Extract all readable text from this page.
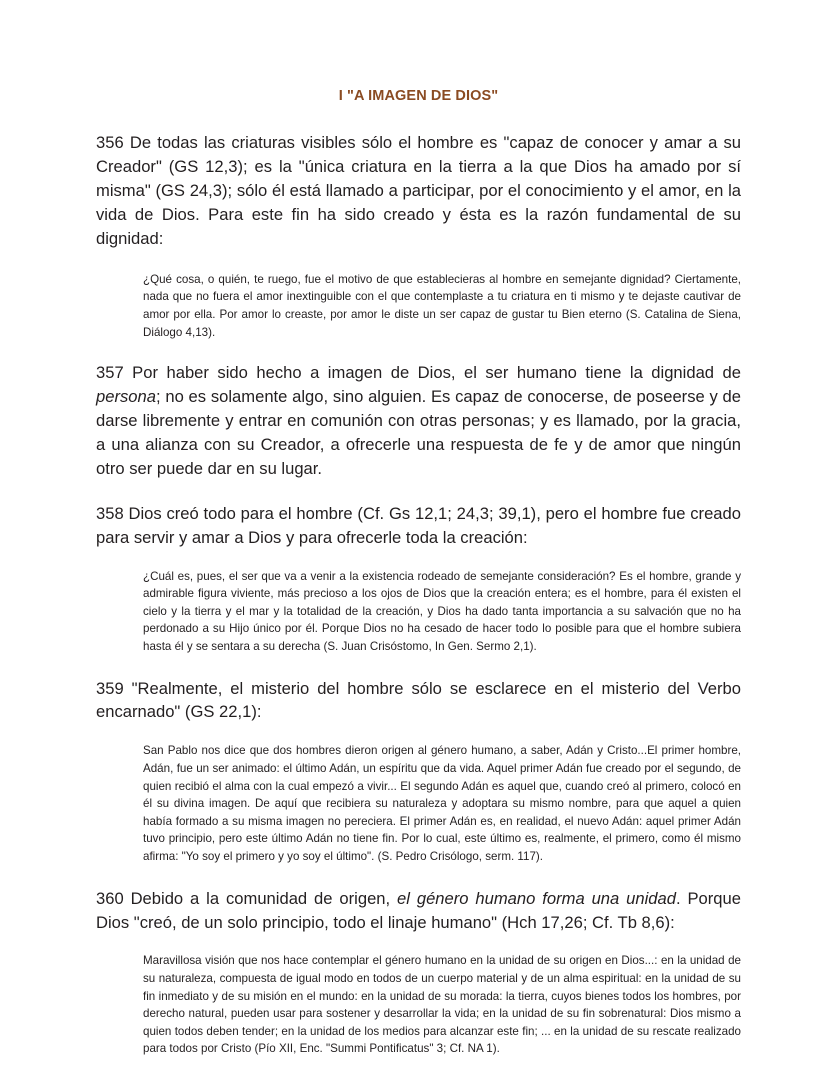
I "A IMAGEN DE DIOS"

356 De todas las criaturas visibles sólo el hombre es "capaz de conocer y amar a su Creador" (GS 12,3); es la "única criatura en la tierra a la que Dios ha amado por sí misma" (GS 24,3); sólo él está llamado a participar, por el conocimiento y el amor, en la vida de Dios. Para este fin ha sido creado y ésta es la razón fundamental de su dignidad:

¿Qué cosa, o quién, te ruego, fue el motivo de que establecieras al hombre en semejante dignidad? Ciertamente, nada que no fuera el amor inextinguible con el que contemplaste a tu criatura en ti mismo y te dejaste cautivar de amor por ella. Por amor lo creaste, por amor le diste un ser capaz de gustar tu Bien eterno (S. Catalina de Siena, Diálogo 4,13).

357 Por haber sido hecho a imagen de Dios, el ser humano tiene la dignidad de persona; no es solamente algo, sino alguien. Es capaz de conocerse, de poseerse y de darse libremente y entrar en comunión con otras personas; y es llamado, por la gracia, a una alianza con su Creador, a ofrecerle una respuesta de fe y de amor que ningún otro ser puede dar en su lugar.

358 Dios creó todo para el hombre (Cf. Gs 12,1; 24,3; 39,1), pero el hombre fue creado para servir y amar a Dios y para ofrecerle toda la creación:

¿Cuál es, pues, el ser que va a venir a la existencia rodeado de semejante consideración? Es el hombre, grande y admirable figura viviente, más precioso a los ojos de Dios que la creación entera; es el hombre, para él existen el cielo y la tierra y el mar y la totalidad de la creación, y Dios ha dado tanta importancia a su salvación que no ha perdonado a su Hijo único por él. Porque Dios no ha cesado de hacer todo lo posible para que el hombre subiera hasta él y se sentara a su derecha (S. Juan Crisóstomo, In Gen. Sermo 2,1).

359 "Realmente, el misterio del hombre sólo se esclarece en el misterio del Verbo encarnado" (GS 22,1):

San Pablo nos dice que dos hombres dieron origen al género humano, a saber, Adán y Cristo...El primer hombre, Adán, fue un ser animado: el último Adán, un espíritu que da vida. Aquel primer Adán fue creado por el segundo, de quien recibió el alma con la cual empezó a vivir... El segundo Adán es aquel que, cuando creó al primero, colocó en él su divina imagen. De aquí que recibiera su naturaleza y adoptara su mismo nombre, para que aquel a quien había formado a su misma imagen no pereciera. El primer Adán es, en realidad, el nuevo Adán: aquel primer Adán tuvo principio, pero este último Adán no tiene fin. Por lo cual, este último es, realmente, el primero, como él mismo afirma: "Yo soy el primero y yo soy el último". (S. Pedro Crisólogo, serm. 117).

360 Debido a la comunidad de origen, el género humano forma una unidad. Porque Dios "creó, de un solo principio, todo el linaje humano" (Hch 17,26; Cf. Tb 8,6):

Maravillosa visión que nos hace contemplar el género humano en la unidad de su origen en Dios...: en la unidad de su naturaleza, compuesta de igual modo en todos de un cuerpo material y de un alma espiritual: en la unidad de su fin inmediato y de su misión en el mundo: en la unidad de su morada: la tierra, cuyos bienes todos los hombres, por derecho natural, pueden usar para sostener y desarrollar la vida; en la unidad de su fin sobrenatural: Dios mismo a quien todos deben tender; en la unidad de los medios para alcanzar este fin; ... en la unidad de su rescate realizado para todos por Cristo (Pío XII, Enc. "Summi Pontificatus" 3; Cf. NA 1).
